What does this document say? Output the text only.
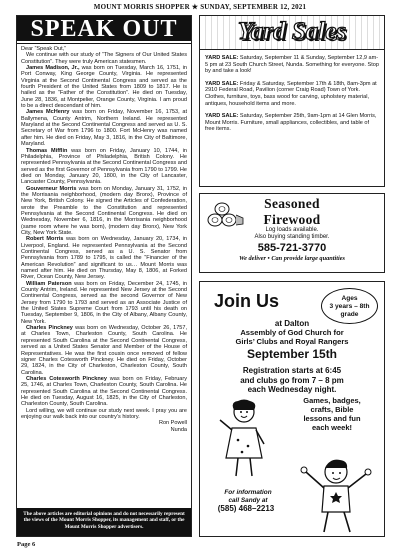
MOUNT MORRIS SHOPPER ★ SUNDAY, SEPTEMBER 12, 2021
SPEAK OUT

Dear “Speak Out,”

We continue with our study of “The Signers of Our United States Constitution”. They were truly American statesmen.

James Madison, Jr., was born on Tuesday, March 16, 1751, in Port Conway, King George County, Virginia. He represented Virginia at the Second Continental Congress and served as the fourth President of the United States from 1809 to 1817. He is hailed as the “Father of the Constitution”. He died on Tuesday, June 28, 1836, at Montpelier, Orange County, Virginia. I am proud to be a direct descendant of him.

James McHenry was born on Friday, November 16, 1753, at Ballymena, County Antrim, Northern Ireland. He represented Maryland at the Second Continental Congress and served as U. S. Secretary of War from 1796 to 1800. Fort McHenry was named after him. He died on Friday, May 3, 1816, in the City of Baltimore, Maryland.

Thomas Mifflin was born on Friday, January 10, 1744, in Philadelphia, Province of Philadelphia, British Colony. He represented Pennsylvania at the Second Continental Congress and served as the first Governor of Pennsylvania from 1790 to 1799. He died on Monday, January 20, 1800, in the City of Lancaster, Lancaster County, Pennsylvania.

Gouverneur Morris was born on Monday, January 31, 1752, in the Morrisania neighborhood, (modern day Bronx), Province of New York, British Colony. He signed the Articles of Confederation, wrote the Preamble to the Constitution and represented Pennsylvania at the Second Continental Congress. He died on Wednesday, November 6, 1816, in the Morrisania neighborhood (same room where he was born), (modern day Bronx), New York City, New York State.

Robert Morris was born on Wednesday, January 20, 1734, in Liverpool, England. He represented Pennsylvania at the Second Continental Congress, served as a U. S. Senator from Pennsylvania from 1789 to 1795, is called the “Financier of the American Revolution” and significant to us… Mount Morris was named after him. He died on Thursday, May 8, 1806, at Forked River, Ocean County, New Jersey.

William Paterson was born on Friday, December 24, 1745, in County Antrim, Ireland. He represented New Jersey at the Second Continental Congress, served as the second Governor of New Jersey from 1790 to 1793 and served as an Associate Justice of the United States Supreme Court from 1793 until his death on Tuesday, September 9, 1806, in the City of Albany, Albany County, New York.

Charles Pinckney was born on Wednesday, October 26, 1757, at Charles Town, Charleston County, South Carolina. He represented South Carolina at the Second Continental Congress, served as a United States Senator and Member of the House of Representatives. He was the first cousin once removed of fellow signer Charles Cotesworth Pinckney. He died on Friday, October 29, 1824, in the City of Charleston, Charleston County, South Carolina.

Charles Cotesworth Pinckney was born on Friday, February 25, 1746, at Charles Town, Charleston County, South Carolina. He represented South Carolina at the Second Continental Congress. He died on Tuesday, August 16, 1825, in the City of Charleston, Charleston County, South Carolina.

Lord willing, we will continue our study next week. I pray you are enjoying our walk back into our country’s history.

Ron Powell

Nunda

The above articles are editorial opinions and do not necessarily represent the views of the Mount Morris Shopper, its management and staff, or the Mount Morris Shopper advertisers.
Page 6
Yard Sales

YARD SALE: Saturday, September 11 & Sunday, September 12,9 am-5 pm at 23 South Church Street, Nunda. Something for everyone. Stop by and take a look!

YARD SALE: Friday & Saturday, September 17th & 18th, 8am-3pm at 2910 Federal Road, Pavilion (corner Craig Road) Town of York. Clothes, furniture, toys, bass wood for carving, upholstery material, antiques, household items and more.

YARD SALE: Saturday, September 25th, 9am-1pm at 14 Glen Morris, Mount Morris. Furniture, small appliances, collectibles, and table of free items.

Seasoned
Firewood
Log loads available.
Also buying standing timber.
585-721-3770
We deliver • Can provide large quantities
Join Us	Ages
3 years – 8th
grade
at Dalton
Assembly of God Church for
Girls’ Clubs and Royal Rangers
September 15th
Registration starts at 6:45
and clubs go from 7 – 8 pm
each Wednesday night.
Games, badges,
crafts, Bible
lessons and fun
each week!
For information
call Sandy at
(585) 468–2213
